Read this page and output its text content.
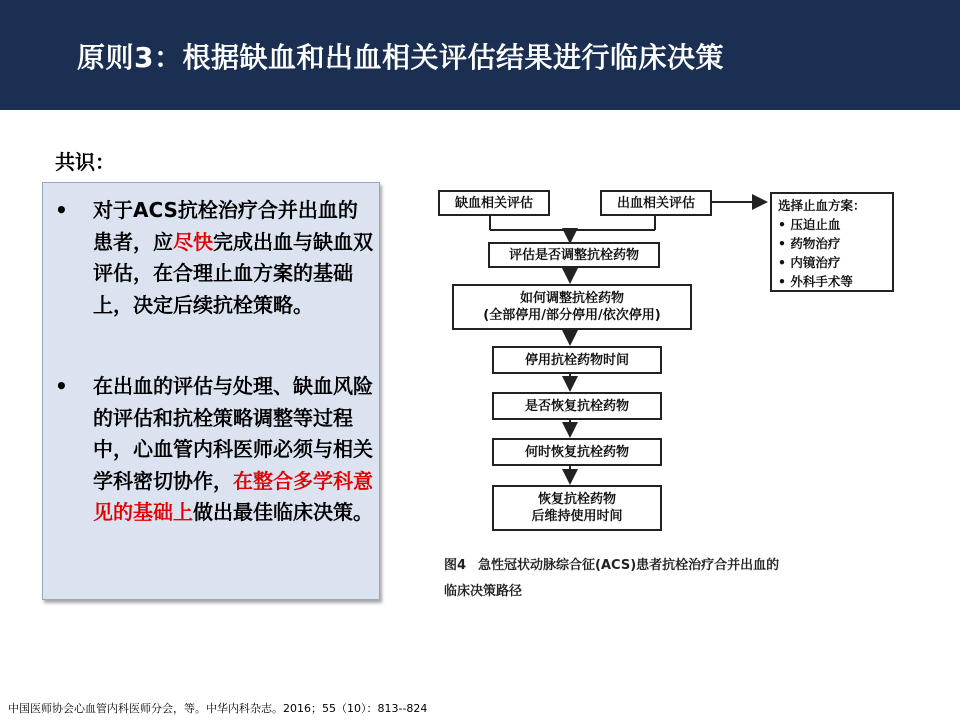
原则3：根据缺血和出血相关评估结果进行临床决策
共识：
• 对于ACS抗栓治疗合并出血的患者，应尽快完成出血与缺血双评估，在合理止血方案的基础上，决定后续抗栓策略。
• 在出血的评估与处理、缺血风险的评估和抗栓策略调整等过程中，心血管内科医师必须与相关学科密切协作，在整合多学科意见的基础上做出最佳临床决策。
缺血相关评估	出血相关评估	选择止血方案：
• 压迫止血
• 药物治疗
• 内镜治疗
• 外科手术等
评估是否调整抗栓药物
如何调整抗栓药物
(全部停用/部分停用/依次停用)
停用抗栓药物时间
是否恢复抗栓药物
何时恢复抗栓药物
恢复抗栓药物
后维持使用时间
图4 急性冠状动脉综合征(ACS)患者抗栓治疗合并出血的
临床决策路径
中国医师协会心血管内科医师分会，等。中华内科杂志。2016；55（10）：813--824
